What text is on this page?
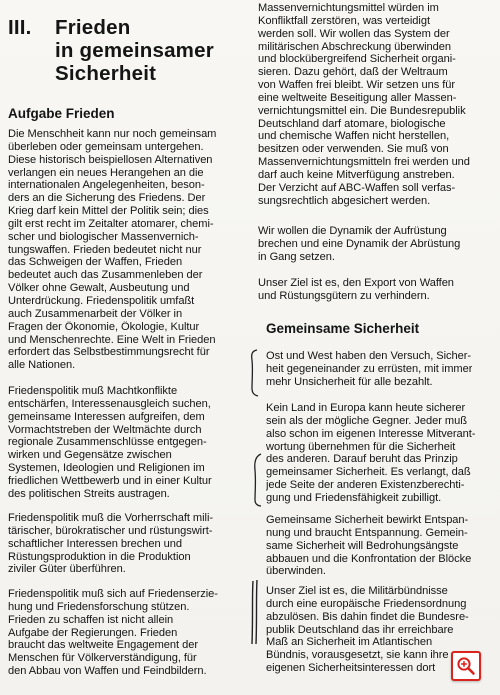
III. Frieden
in gemeinsamer
Sicherheit
Aufgabe Frieden
Die Menschheit kann nur noch gemeinsam
überleben oder gemeinsam untergehen.
Diese historisch beispiellosen Alternativen
verlangen ein neues Herangehen an die
internationalen Angelegenheiten, beson-
ders an die Sicherung des Friedens. Der
Krieg darf kein Mittel der Politik sein; dies
gilt erst recht im Zeitalter atomarer, chemi-
scher und biologischer Massenvernich-
tungswaffen. Frieden bedeutet nicht nur
das Schweigen der Waffen, Frieden
bedeutet auch das Zusammenleben der
Völker ohne Gewalt, Ausbeutung und
Unterdrückung. Friedenspolitik umfaßt
auch Zusammenarbeit der Völker in
Fragen der Ökonomie, Ökologie, Kultur
und Menschenrechte. Eine Welt in Frieden
erfordert das Selbstbestimmungsrecht für
alle Nationen.
Friedenspolitik muß Machtkonflikte
entschärfen, Interessenausgleich suchen,
gemeinsame Interessen aufgreifen, dem
Vormachtstreben der Weltmächte durch
regionale Zusammenschlüsse entgegen-
wirken und Gegensätze zwischen
Systemen, Ideologien und Religionen im
friedlichen Wettbewerb und in einer Kultur
des politischen Streits austragen.
Friedenspolitik muß die Vorherrschaft mili-
tärischer, bürokratischer und rüstungswirt-
schaftlicher Interessen brechen und
Rüstungsproduktion in die Produktion
ziviler Güter überführen.
Friedenspolitik muß sich auf Friedenserzie-
hung und Friedensforschung stützen.
Frieden zu schaffen ist nicht allein
Aufgabe der Regierungen. Frieden
braucht das weltweite Engagement der
Menschen für Völkerverständigung, für
den Abbau von Waffen und Feindbildern.
Massenvernichtungsmittel würden im
Konfliktfall zerstören, was verteidigt
werden soll. Wir wollen das System der
militärischen Abschreckung überwinden
und blockübergreifend Sicherheit organi-
sieren. Dazu gehört, daß der Weltraum
von Waffen frei bleibt. Wir setzen uns für
eine weltweite Beseitigung aller Massen-
vernichtungsmittel ein. Die Bundesrepublik
Deutschland darf atomare, biologische
und chemische Waffen nicht herstellen,
besitzen oder verwenden. Sie muß von
Massenvernichtungsmitteln frei werden und
darf auch keine Mitverfügung anstreben.
Der Verzicht auf ABC-Waffen soll verfas-
sungsrechtlich abgesichert werden.
Wir wollen die Dynamik der Aufrüstung
brechen und eine Dynamik der Abrüstung
in Gang setzen.
Unser Ziel ist es, den Export von Waffen
und Rüstungsgütern zu verhindern.
Gemeinsame Sicherheit
Ost und West haben den Versuch, Sicher-
heit gegeneinander zu errüsten, mit immer
mehr Unsicherheit für alle bezahlt.
Kein Land in Europa kann heute sicherer
sein als der mögliche Gegner. Jeder muß
also schon im eigenen Interesse Mitverant-
wortung übernehmen für die Sicherheit
des anderen. Darauf beruht das Prinzip
gemeinsamer Sicherheit. Es verlangt, daß
jede Seite der anderen Existenzberechti-
gung und Friedensfähigkeit zubilligt.
Gemeinsame Sicherheit bewirkt Entspan-
nung und braucht Entspannung. Gemein-
same Sicherheit will Bedrohungsängste
abbauen und die Konfrontation der Blöcke
überwinden.
Unser Ziel ist es, die Militärbündnisse
durch eine europäische Friedensordnung
abzulösen. Bis dahin findet die Bundesre-
publik Deutschland das ihr erreichbare
Maß an Sicherheit im Atlantischen
Bündnis, vorausgesetzt, sie kann ihre
eigenen Sicherheitsinteressen dort
